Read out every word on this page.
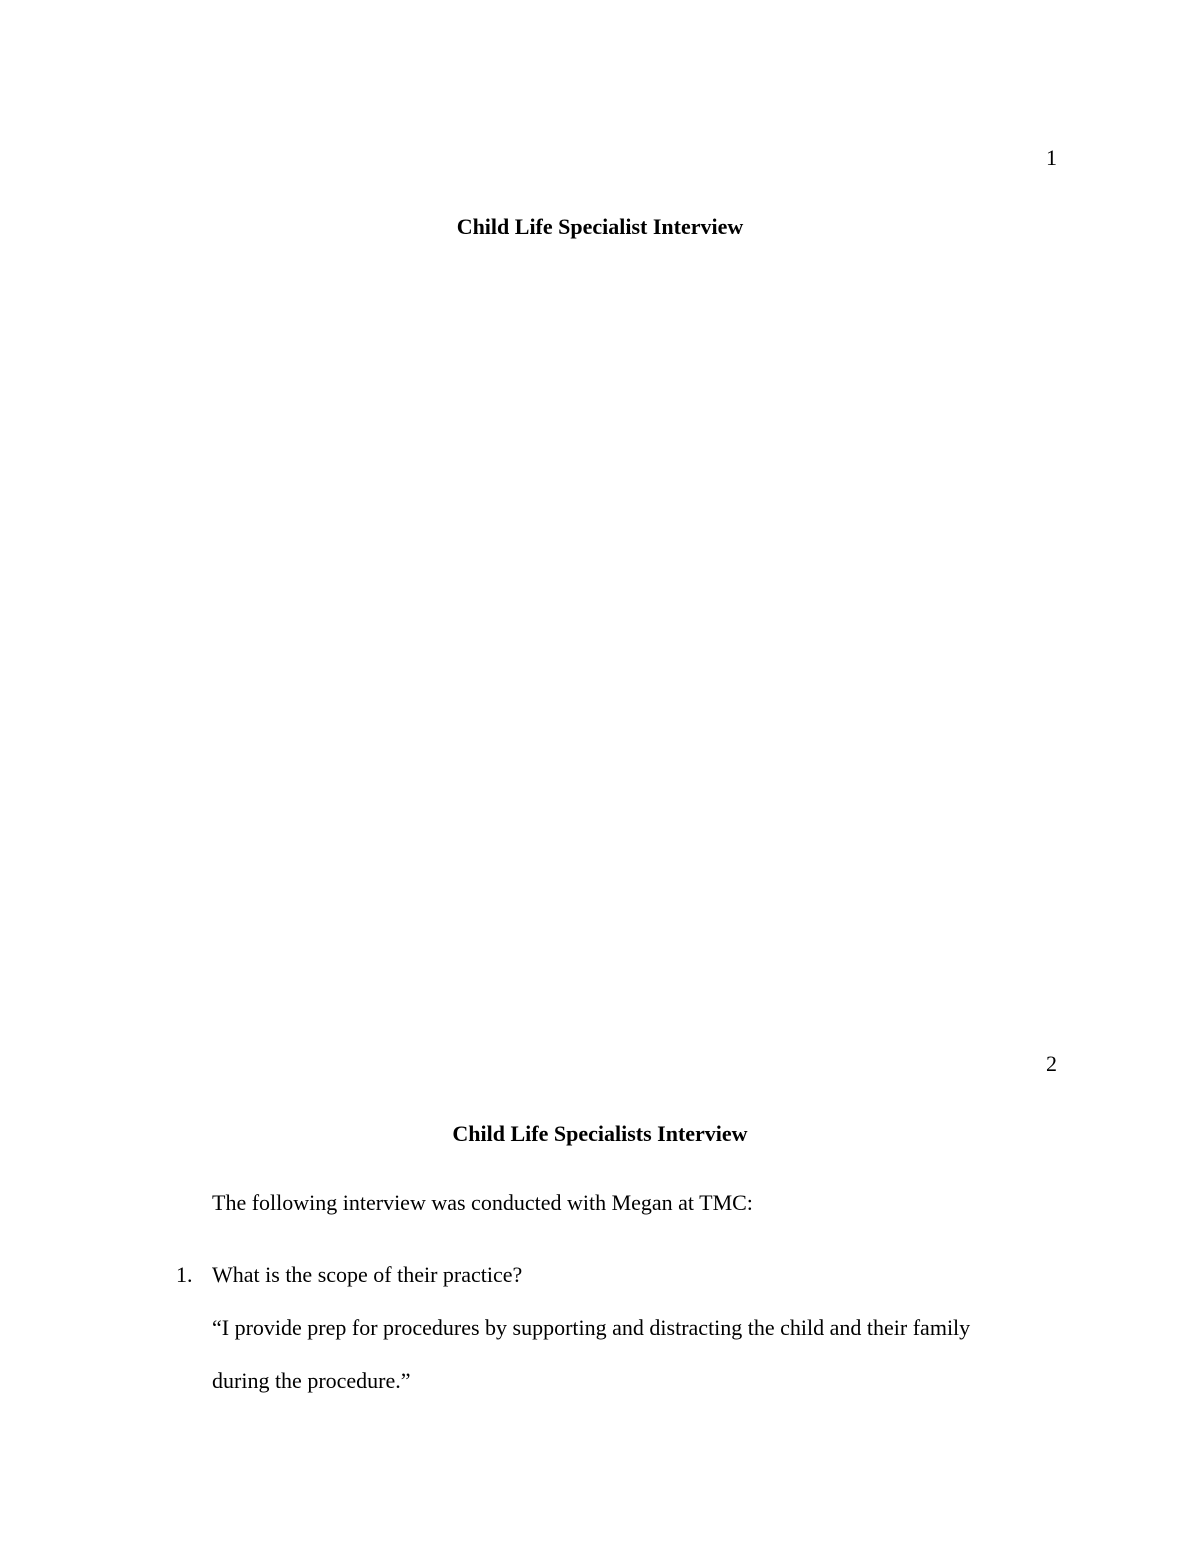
1
Child Life Specialist Interview
2
Child Life Specialists Interview
The following interview was conducted with Megan at TMC:
1. What is the scope of their practice?
“I provide prep for procedures by supporting and distracting the child and their family
during the procedure.”
